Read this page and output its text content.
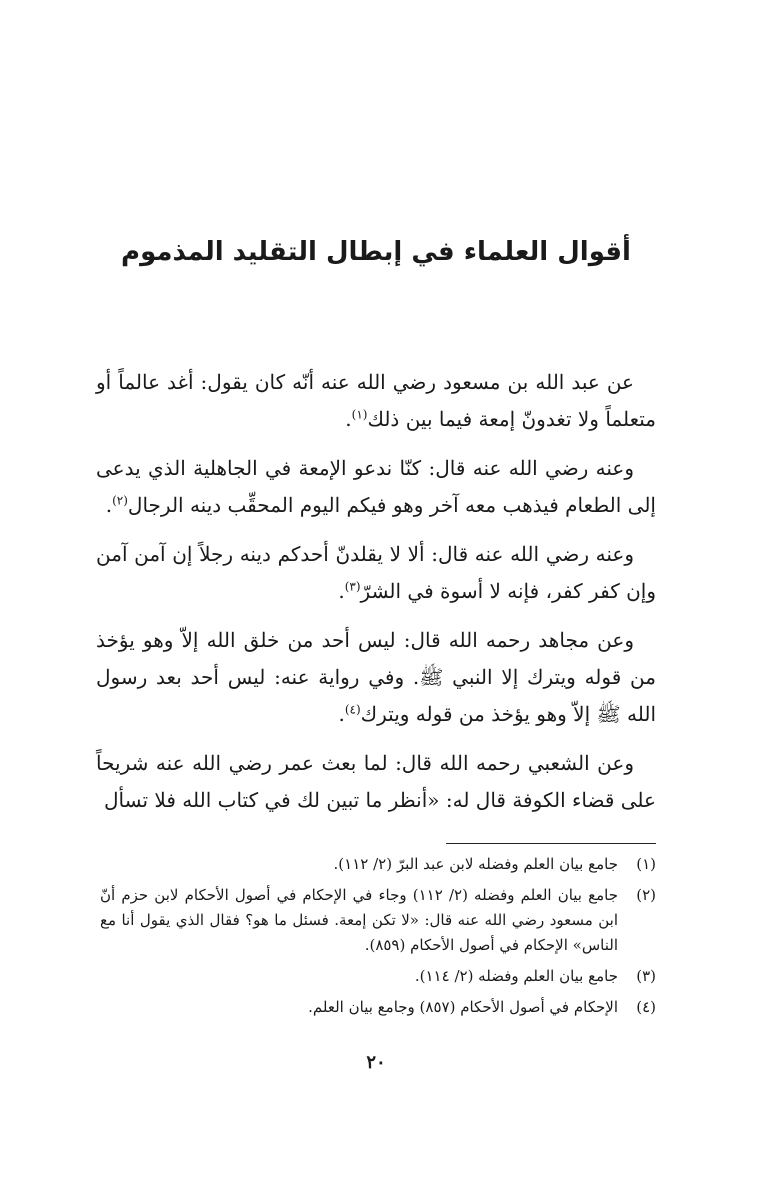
أقوال العلماء في إبطال التقليد المذموم

عن عبد الله بن مسعود رضي الله عنه أنّه كان يقول: أغد عالماً أو متعلماً ولا تغدونّ إمعة فيما بين ذلك$^{(١)}$.

وعنه رضي الله عنه قال: كنّا ندعو الإمعة في الجاهلية الذي يدعى إلى الطعام فيذهب معه آخر وهو فيكم اليوم المحقِّب دينه الرجال$^{(٢)}$.

وعنه رضي الله عنه قال: ألا لا يقلدنّ أحدكم دينه رجلاً إن آمن آمن وإن كفر كفر، فإنه لا أسوة في الشرّ$^{(٣)}$.

وعن مجاهد رحمه الله قال: ليس أحد من خلق الله إلاّ وهو يؤخذ من قوله ويترك إلا النبي ﷺ. وفي رواية عنه: ليس أحد بعد رسول الله ﷺ إلاّ وهو يؤخذ من قوله ويترك$^{(٤)}$.

وعن الشعبي رحمه الله قال: لما بعث عمر رضي الله عنه شريحاً على قضاء الكوفة قال له: «أنظر ما تبين لك في كتاب الله فلا تسأل

(١)
جامع بيان العلم وفضله لابن عبد البرّ (٢/ ١١٢).
(٢)
جامع بيان العلم وفضله (٢/ ١١٢) وجاء في الإحكام في أصول الأحكام لابن حزم أنّ ابن مسعود رضي الله عنه قال: «لا تكن إمعة. فسئل ما هو؟ فقال الذي يقول أنا مع الناس» الإحكام في أصول الأحكام (٨٥٩).
(٣)
جامع بيان العلم وفضله (٢/ ١١٤).
(٤)
الإحكام في أصول الأحكام (٨٥٧) وجامع بيان العلم.
٢٠
